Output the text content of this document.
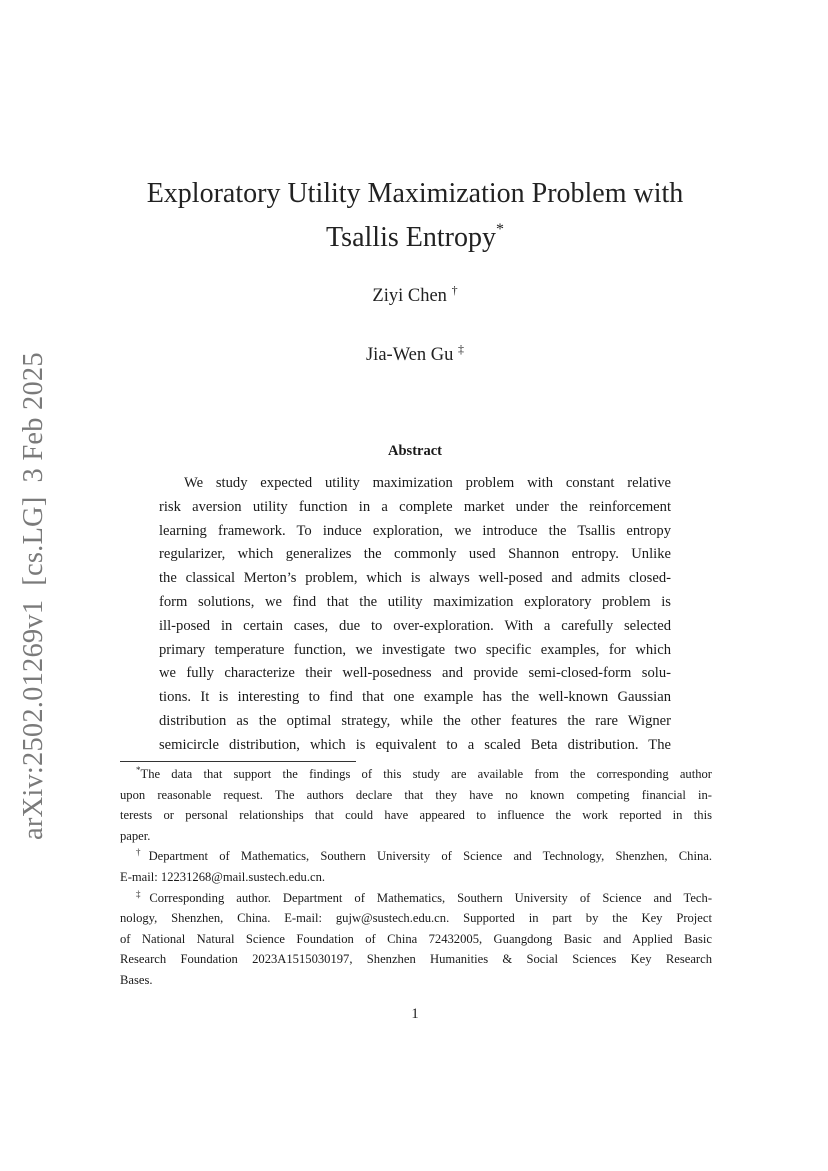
arXiv:2502.01269v1[cs.LG]3 Feb 2025
Exploratory Utility Maximization Problem with
Tsallis Entropy*
Ziyi Chen †
Jia-Wen Gu ‡
Abstract
We study expected utility maximization problem with constant relative
risk aversion utility function in a complete market under the reinforcement
learning framework. To induce exploration, we introduce the Tsallis entropy
regularizer, which generalizes the commonly used Shannon entropy. Unlike
the classical Merton’s problem, which is always well-posed and admits closed-
form solutions, we find that the utility maximization exploratory problem is
ill-posed in certain cases, due to over-exploration. With a carefully selected
primary temperature function, we investigate two specific examples, for which
we fully characterize their well-posedness and provide semi-closed-form solu-
tions. It is interesting to find that one example has the well-known Gaussian
distribution as the optimal strategy, while the other features the rare Wigner
semicircle distribution, which is equivalent to a scaled Beta distribution. The
*The data that support the findings of this study are available from the corresponding author
upon reasonable request. The authors declare that they have no known competing financial in-
terests or personal relationships that could have appeared to influence the work reported in this
paper.
†Department of Mathematics, Southern University of Science and Technology, Shenzhen, China.
E-mail: 12231268@mail.sustech.edu.cn.
‡Corresponding author. Department of Mathematics, Southern University of Science and Tech-
nology, Shenzhen, China. E-mail: gujw@sustech.edu.cn. Supported in part by the Key Project
of National Natural Science Foundation of China 72432005, Guangdong Basic and Applied Basic
Research Foundation 2023A1515030197, Shenzhen Humanities & Social Sciences Key Research
Bases.
1
